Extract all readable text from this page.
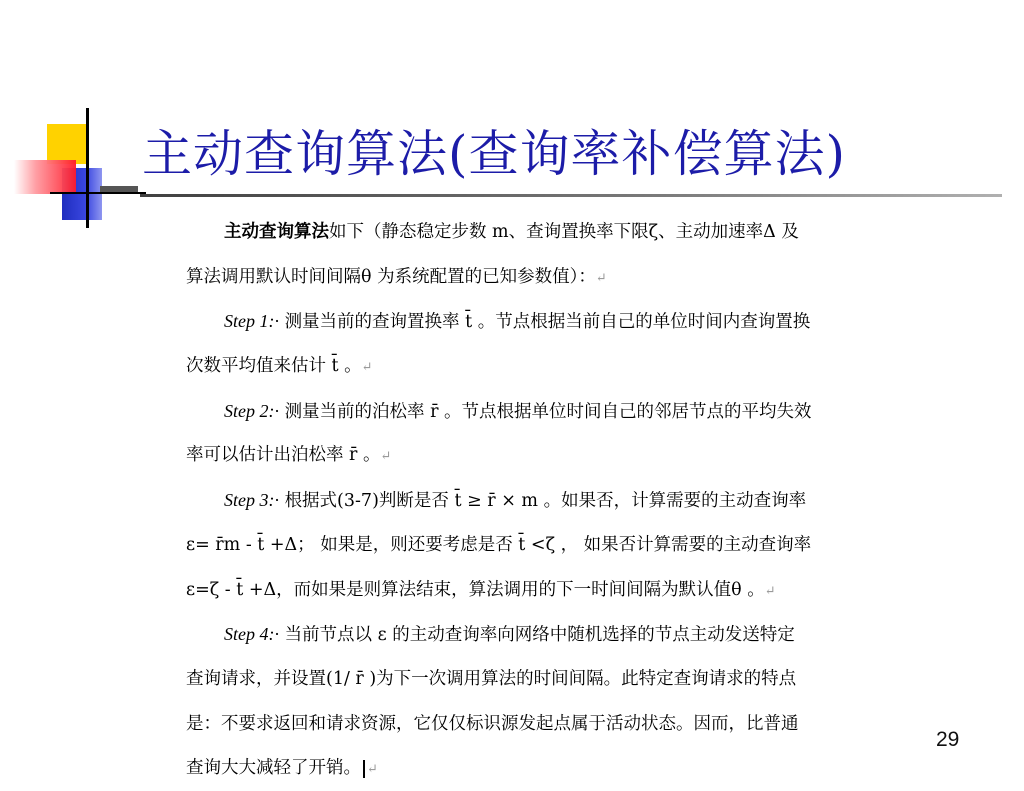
主动查询算法(查询率补偿算法)
主动查询算法如下（静态稳定步数 m、查询置换率下限ζ、主动加速率Δ 及
算法调用默认时间间隔θ 为系统配置的已知参数值）：↵
Step 1:· 测量当前的查询置换率 t̄ 。节点根据当前自己的单位时间内查询置换
次数平均值来估计 t̄ 。↵
Step 2:· 测量当前的泊松率 r̄ 。节点根据单位时间自己的邻居节点的平均失效
率可以估计出泊松率 r̄ 。↵
Step 3:· 根据式(3-7)判断是否 t̄ ≥ r̄ × m 。如果否，计算需要的主动查询率
ε= r̄m - t̄ +Δ； 如果是，则还要考虑是否 t̄ <ζ ， 如果否计算需要的主动查询率
ε=ζ - t̄ +Δ，而如果是则算法结束，算法调用的下一时间间隔为默认值θ 。↵
Step 4:· 当前节点以 ε 的主动查询率向网络中随机选择的节点主动发送特定
查询请求，并设置(1/ r̄ )为下一次调用算法的时间间隔。此特定查询请求的特点
是：不要求返回和请求资源，它仅仅标识源发起点属于活动状态。因而，比普通
查询大大减轻了开销。 ↵
29
